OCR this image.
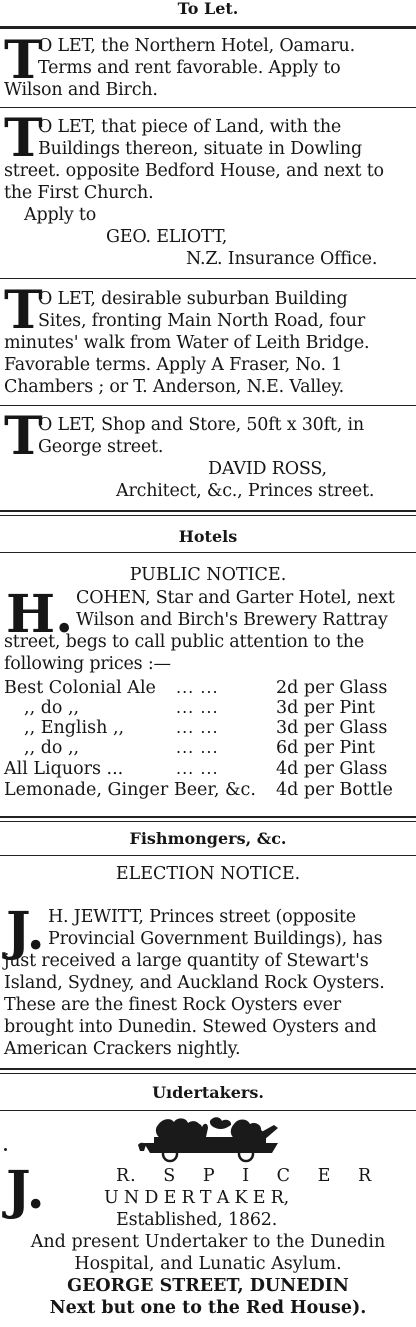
To Let.
T
O LET, the Northern Hotel, Oamaru.
Terms and rent favorable. Apply to
Wilson and Birch.
T
O LET, that piece of Land, with the
Buildings thereon, situate in Dowling
street. opposite Bedford House, and next to
the First Church.
Apply to
GEO. ELIOTT,
N.Z. Insurance Office.
T
O LET, desirable suburban Building
Sites, fronting Main North Road, four
minutes' walk from Water of Leith Bridge.
Favorable terms. Apply A Fraser, No. 1
Chambers ; or T. Anderson, N.E. Valley.
T
O LET, Shop and Store, 50ft x 30ft, in
George street.
DAVID ROSS,
Architect, &c., Princes street.
Hotels
PUBLIC NOTICE.
H. COHEN, Star and Garter Hotel, next
Wilson and Birch's Brewery Rattray
street, begs to call public attention to the
following prices :—
Best Colonial Ale ... ...	2d per Glass
,, do ,,	... ...	3d per Pint
,, English ,,	... ...	3d per Glass
,, do ,,	... ...	6d per Pint
All Liquors ...	... ...	4d per Glass
Lemonade, Ginger Beer, &c. 4d per Bottle
Fishmongers, &c.
ELECTION NOTICE.
J. H. JEWITT, Princes street (opposite
Provincial Government Buildings), has
just received a large quantity of Stewart's
Island, Sydney, and Auckland Rock Oysters.
These are the finest Rock Oysters ever
brought into Dunedin. Stewed Oysters and
American Crackers nightly.
Uıdertakers.
J.	R. S P I C E R
U N D E R T A K E R,
Established, 1862.
And present Undertaker to the Dunedin
Hospital, and Lunatic Asylum.
GEORGE STREET, DUNEDIN
Next but one to the Red House).
